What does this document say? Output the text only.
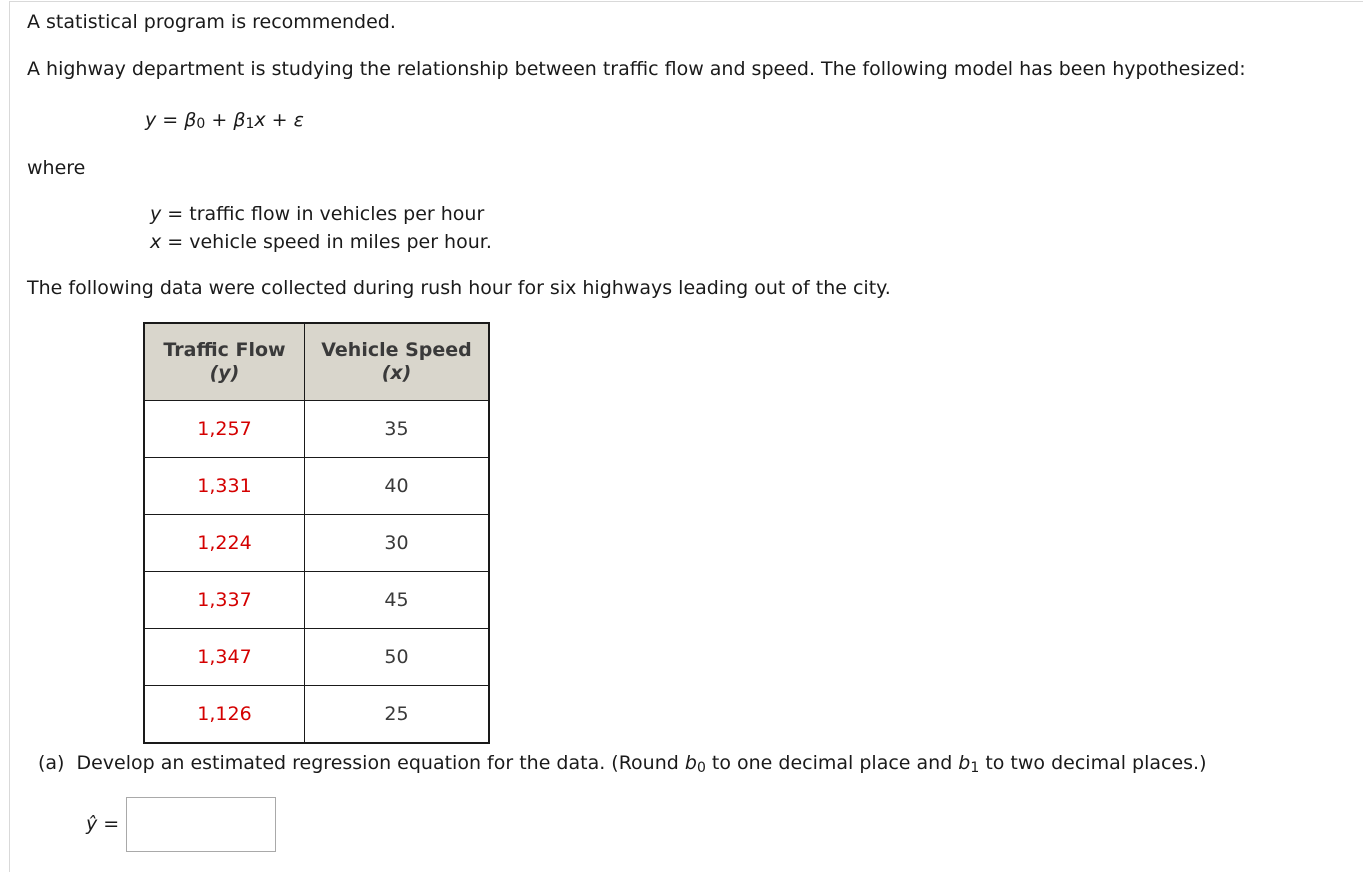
A statistical program is recommended.

A highway department is studying the relationship between traffic flow and speed. The following model has been hypothesized:

$y = \beta_0 + \beta_1x + \varepsilon$

where

y = traffic flow in vehicles per hour
x = vehicle speed in miles per hour.

The following data were collected during rush hour for six highways leading out of the city.

Traffic Flow
(y)	Vehicle Speed
(x)
1,257	35
1,331	40
1,224	30
1,337	45
1,347	50
1,126	25
(a) Develop an estimated regression equation for the data. (Round $b_0$ to one decimal place and $b_1$ to two decimal places.)
ŷ =
